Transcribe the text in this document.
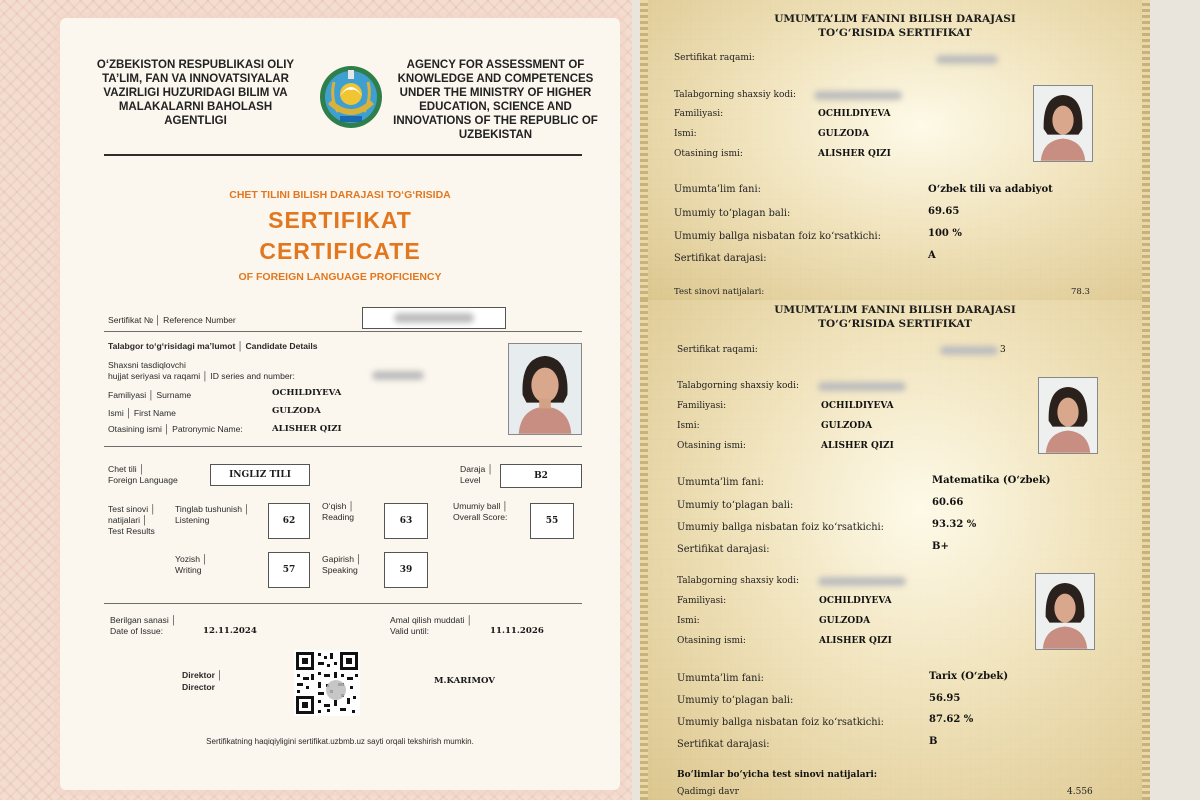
O‘ZBEKISTON RESPUBLIKASI OLIY TA’LIM, FAN VA INNOVATSIYALAR VAZIRLIGI HUZURIDAGI BILIM VA MALAKALARNI BAHOLASH AGENTLIGI
AGENCY FOR ASSESSMENT OF KNOWLEDGE AND COMPETENCES UNDER THE MINISTRY OF HIGHER EDUCATION, SCIENCE AND INNOVATIONS OF THE REPUBLIC OF UZBEKISTAN
CHET TILINI BILISH DARAJASI TO‘G‘RISIDA
SERTIFIKAT
CERTIFICATE
OF FOREIGN LANGUAGE PROFICIENCY
Sertifikat № │ Reference Number
Talabgor to‘g‘risidagi ma’lumot │ Candidate Details
Shaxsni tasdiqlovchi
hujjat seriyasi va raqami │ ID series and number:
Familiyasi │ Surname	OCHILDIYEVA
Ismi │ First Name	GULZODA
Otasining ismi │ Patronymic Name:	ALISHER QIZI
Chet tili │
Foreign Language	INGLIZ TILI
Daraja │
Level	B2
Test sinovi │
natijalari │
Test Results
Tinglab tushunish │
Listening	62
O‘qish │
Reading	63
Umumiy ball │
Overall Score:	55
Yozish │
Writing	57
Gapirish │
Speaking	39
Berilgan sanasi │
Date of Issue:	12.11.2024
Amal qilish muddati │
Valid until:	11.11.2026
Direktor │
Director
M.KARIMOV
Sertifikatning haqiqiyligini sertifikat.uzbmb.uz sayti orqali tekshirish mumkin.
UMUMTA’LIM FANINI BILISH DARAJASI
TO‘G‘RISIDA SERTIFIKAT
Sertifikat raqami:
Talabgorning shaxsiy kodi:
Familiyasi:	OCHILDIYEVA
Ismi:	GULZODA
Otasining ismi:	ALISHER QIZI
Umumta’lim fani:	O‘zbek tili va adabiyot
Umumiy to‘plagan bali:	69.65
Umumiy ballga nisbatan foiz ko‘rsatkichi:	100 %
Sertifikat darajasi:	A
Test sinovi natijalari:	78.3
UMUMTA’LIM FANINI BILISH DARAJASI
TO‘G‘RISIDA SERTIFIKAT
Sertifikat raqami:	3
Talabgorning shaxsiy kodi:
Familiyasi:	OCHILDIYEVA
Ismi:	GULZODA
Otasining ismi:	ALISHER QIZI
Umumta’lim fani:	Matematika (O‘zbek)
Umumiy to‘plagan bali:	60.66
Umumiy ballga nisbatan foiz ko‘rsatkichi:	93.32 %
Sertifikat darajasi:	B+
Talabgorning shaxsiy kodi:
Familiyasi:	OCHILDIYEVA
Ismi:	GULZODA
Otasining ismi:	ALISHER QIZI
Umumta’lim fani:	Tarix (O‘zbek)
Umumiy to‘plagan bali:	56.95
Umumiy ballga nisbatan foiz ko‘rsatkichi:	87.62 %
Sertifikat darajasi:	B
Bo‘limlar bo‘yicha test sinovi natijalari:
Qadimgi davr	4.556
